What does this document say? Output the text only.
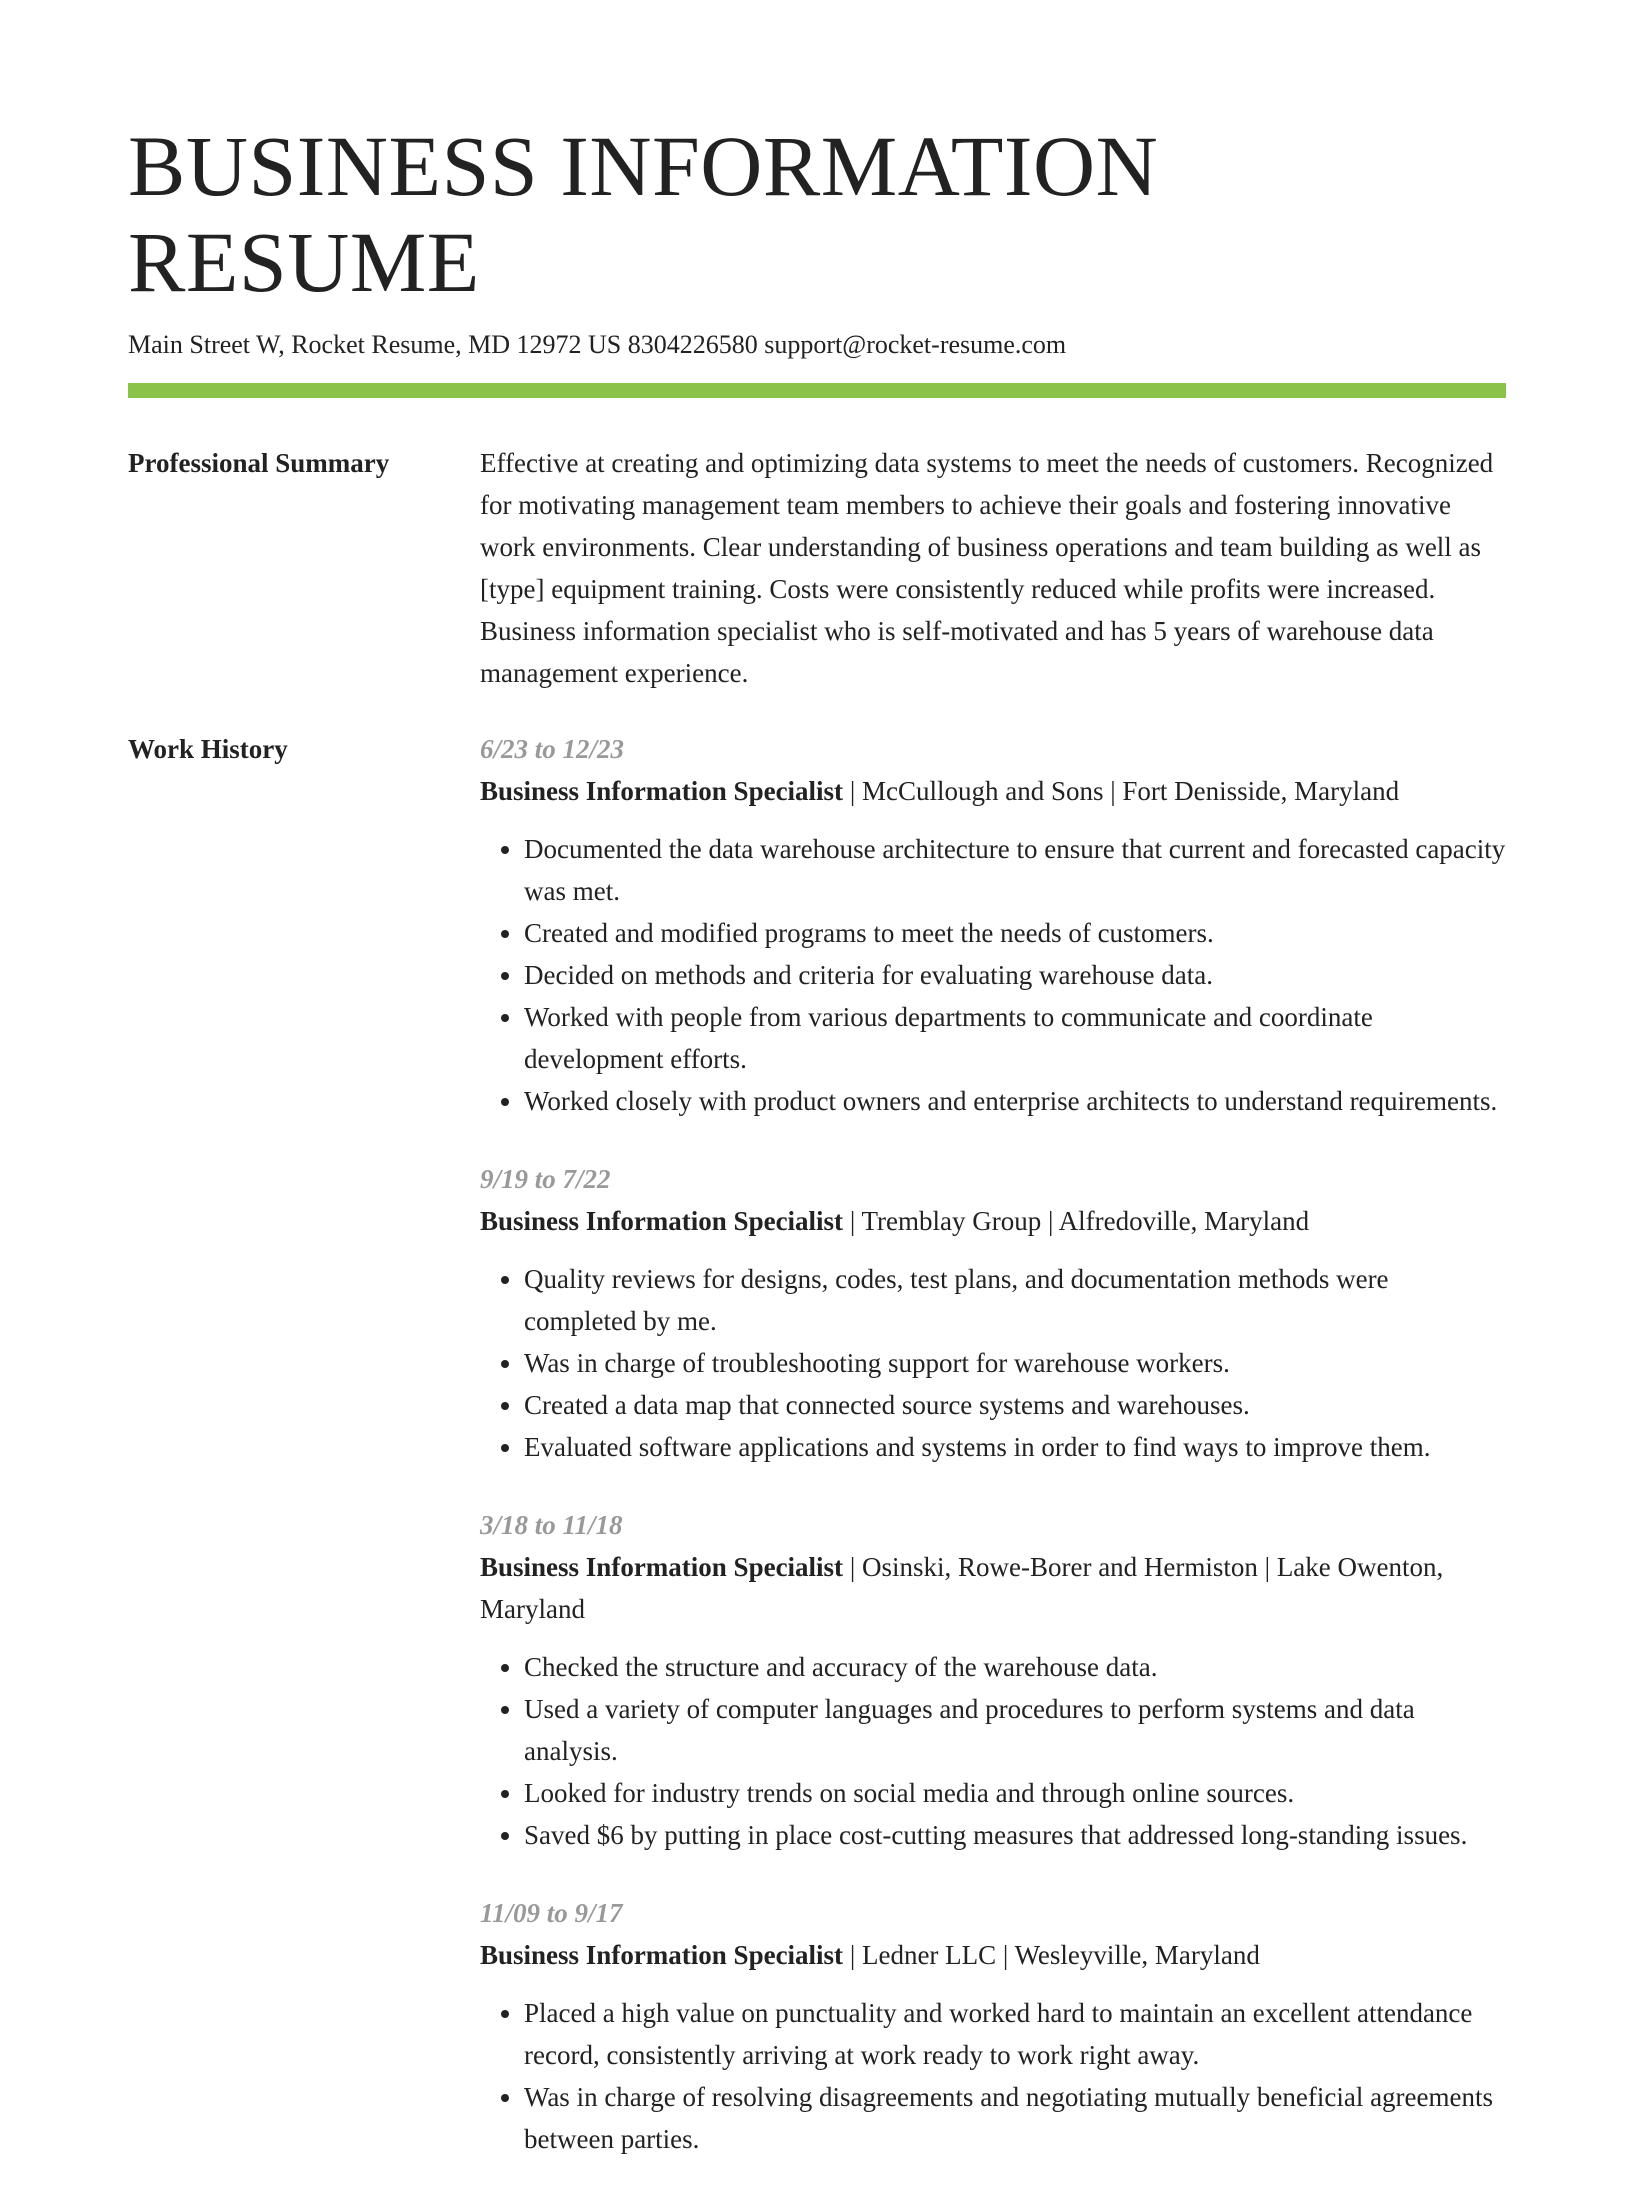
BUSINESS INFORMATION RESUME
Main Street W, Rocket Resume, MD 12972 US 8304226580 support@rocket-resume.com
Professional Summary	Effective at creating and optimizing data systems to meet the needs of customers. Recognized for motivating management team members to achieve their goals and fostering innovative work environments. Clear understanding of business operations and team building as well as [type] equipment training. Costs were consistently reduced while profits were increased. Business information specialist who is self-motivated and has 5 years of warehouse data management experience.

Work History	6/23 to 12/23
Business Information Specialist | McCullough and Sons | Fort Denisside, Maryland
• Documented the data warehouse architecture to ensure that current and forecasted capacity was met.
• Created and modified programs to meet the needs of customers.
• Decided on methods and criteria for evaluating warehouse data.
• Worked with people from various departments to communicate and coordinate development efforts.
• Worked closely with product owners and enterprise architects to understand requirements.
9/19 to 7/22
Business Information Specialist | Tremblay Group | Alfredoville, Maryland
• Quality reviews for designs, codes, test plans, and documentation methods were completed by me.
• Was in charge of troubleshooting support for warehouse workers.
• Created a data map that connected source systems and warehouses.
• Evaluated software applications and systems in order to find ways to improve them.
3/18 to 11/18
Business Information Specialist | Osinski, Rowe-Borer and Hermiston | Lake Owenton, Maryland
• Checked the structure and accuracy of the warehouse data.
• Used a variety of computer languages and procedures to perform systems and data analysis.
• Looked for industry trends on social media and through online sources.
• Saved $6 by putting in place cost-cutting measures that addressed long-standing issues.
11/09 to 9/17
Business Information Specialist | Ledner LLC | Wesleyville, Maryland
• Placed a high value on punctuality and worked hard to maintain an excellent attendance record, consistently arriving at work ready to work right away.
• Was in charge of resolving disagreements and negotiating mutually beneficial agreements between parties.
